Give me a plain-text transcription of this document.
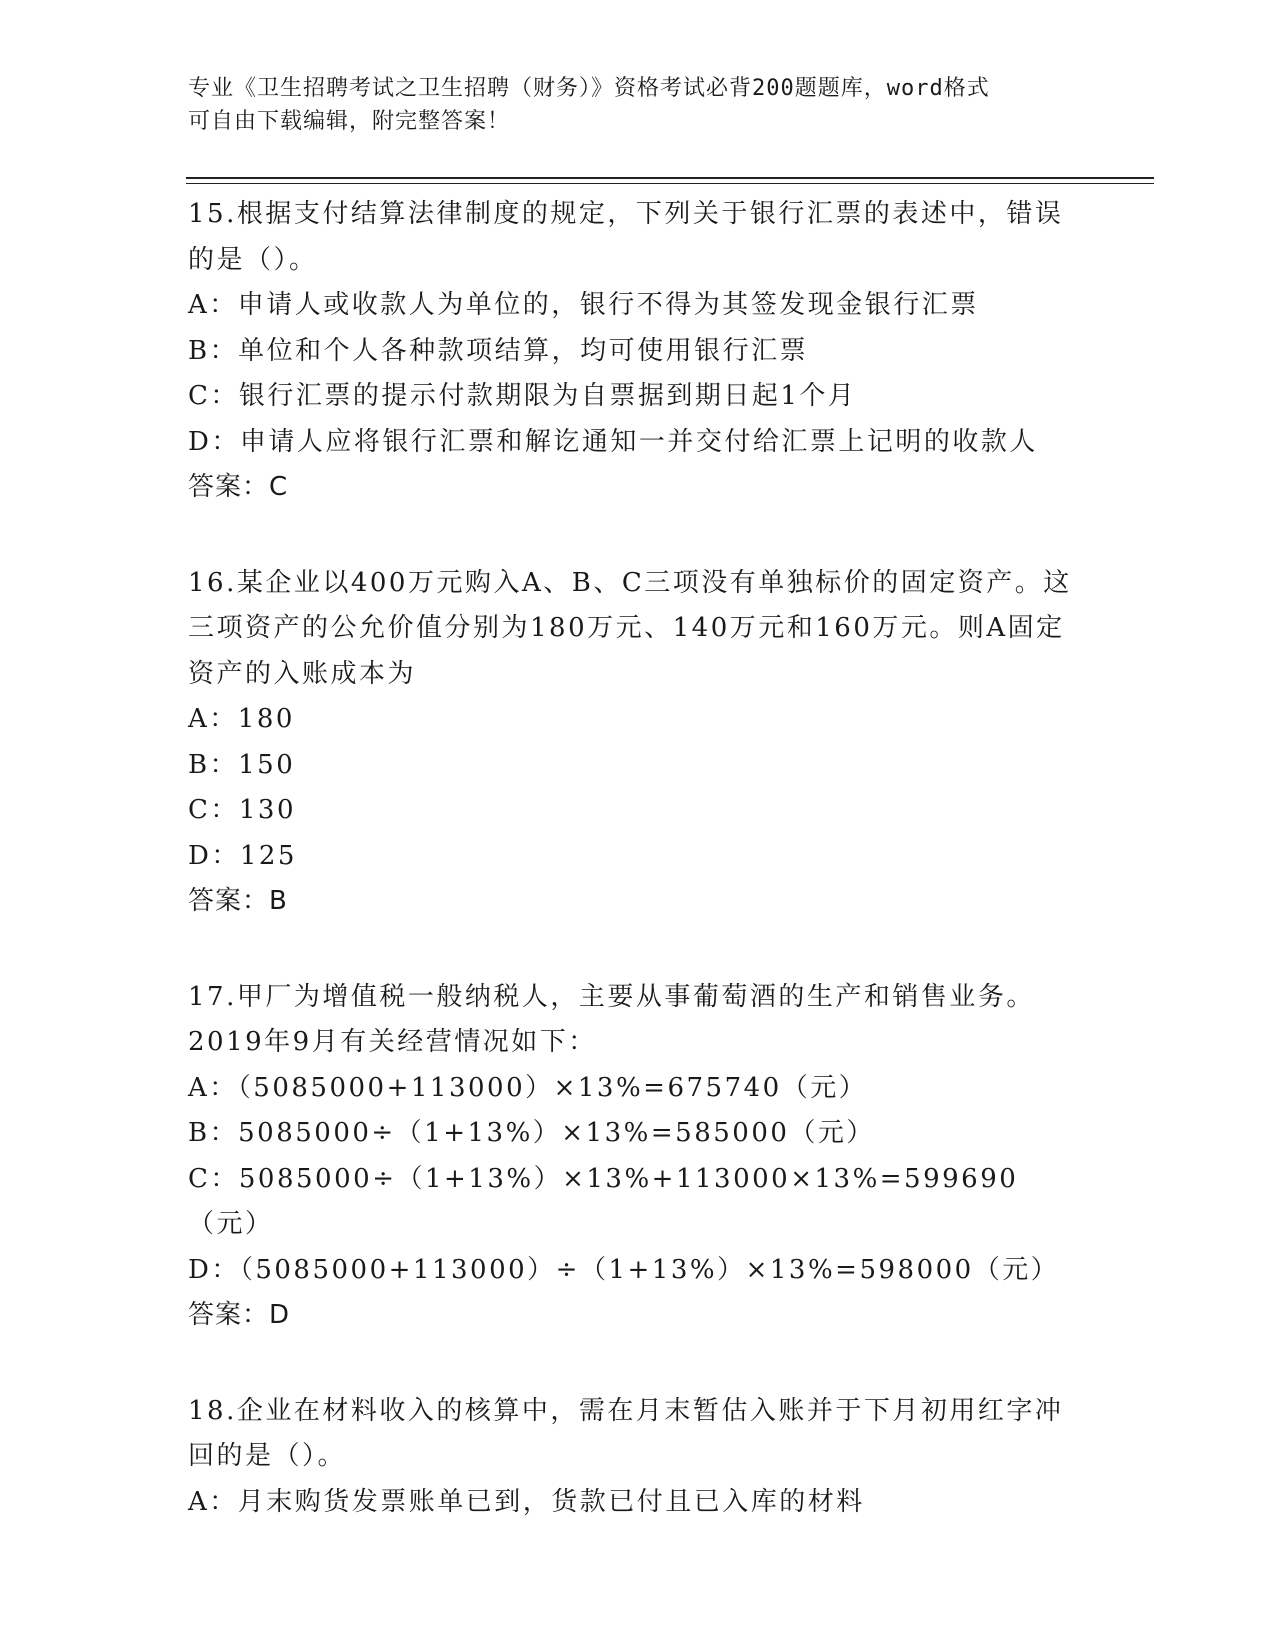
专业《卫生招聘考试之卫生招聘（财务）》资格考试必背200题题库，word格式
可自由下载编辑，附完整答案！

15.根据支付结算法律制度的规定，下列关于银行汇票的表述中，错误的是（）。

A：申请人或收款人为单位的，银行不得为其签发现金银行汇票

B：单位和个人各种款项结算，均可使用银行汇票

C：银行汇票的提示付款期限为自票据到期日起1个月

D：申请人应将银行汇票和解讫通知一并交付给汇票上记明的收款人

答案：C

16.某企业以400万元购入A、B、C三项没有单独标价的固定资产。这三项资产的公允价值分别为180万元、140万元和160万元。则A固定资产的入账成本为

A：180

B：150

C：130

D：125

答案：B

17.甲厂为增值税一般纳税人，主要从事葡萄酒的生产和销售业务。2019年9月有关经营情况如下：

A：（5085000+113000）×13%=675740（元）

B：5085000÷（1+13%）×13%=585000（元）

C：5085000÷（1+13%）×13%+113000×13%=599690（元）

D：（5085000+113000）÷（1+13%）×13%=598000（元）

答案：D

18.企业在材料收入的核算中，需在月末暂估入账并于下月初用红字冲回的是（）。

A：月末购货发票账单已到，货款已付且已入库的材料
